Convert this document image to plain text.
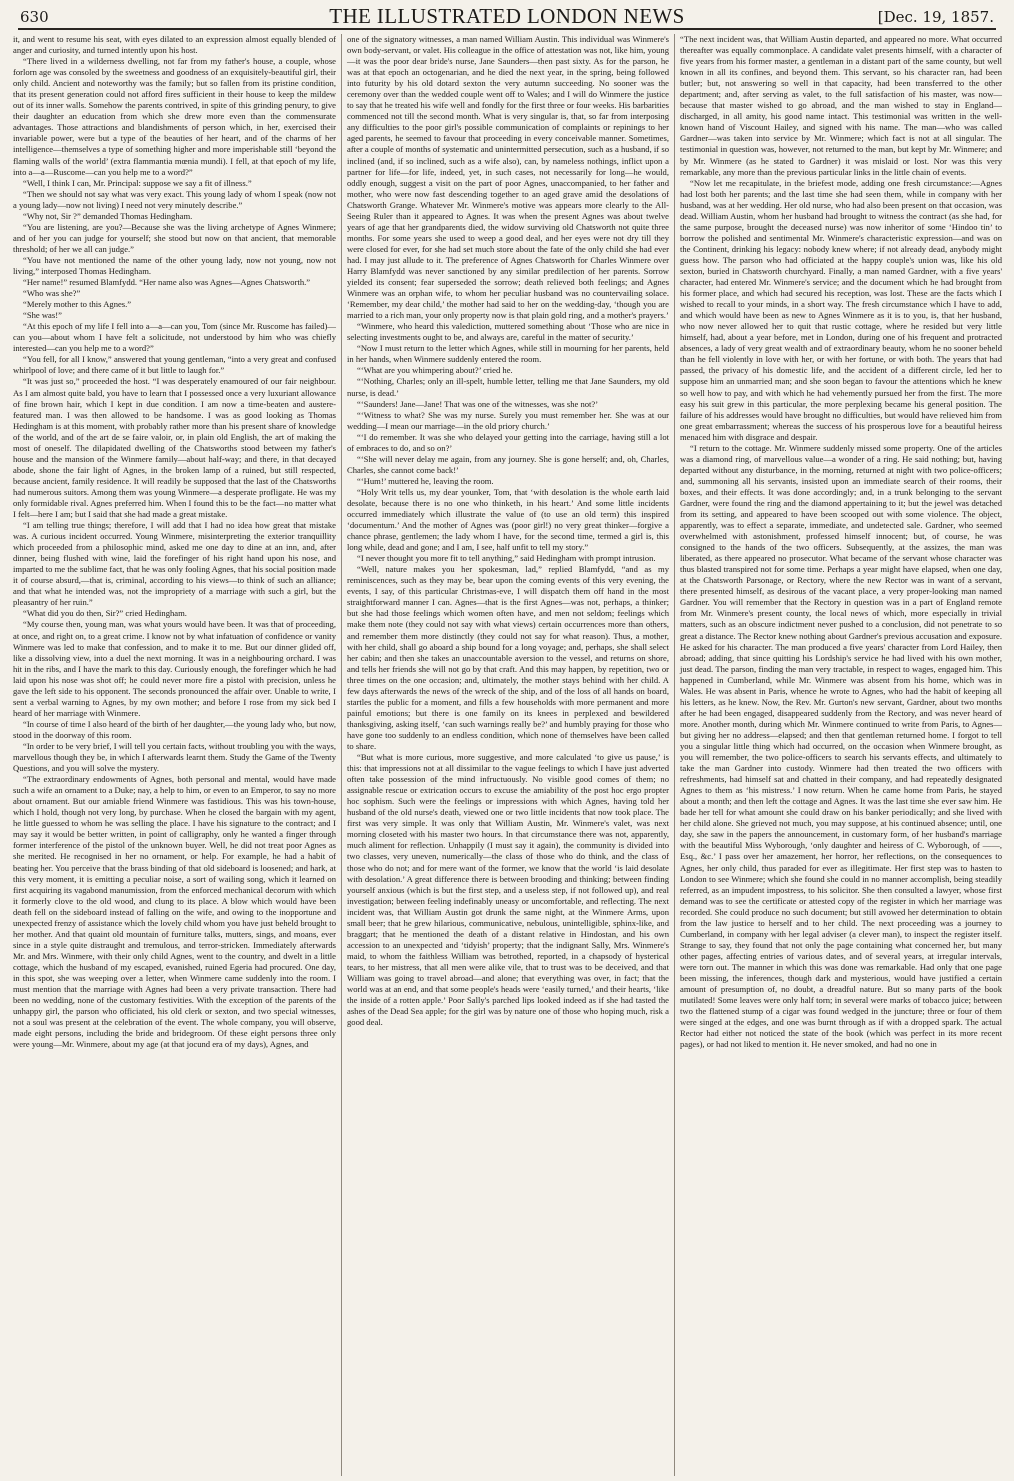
630	THE ILLUSTRATED LONDON NEWS	[Dec. 19, 1857.

it, and went to resume his seat, with eyes dilated to an expression almost equally blended of anger and curiosity, and turned intently upon his host.

“There lived in a wilderness dwelling, not far from my father's house, a couple, whose forlorn age was consoled by the sweetness and goodness of an exquisitely-beautiful girl, their only child. Ancient and noteworthy was the family; but so fallen from its pristine condition, that its present generation could not afford fires sufficient in their house to keep the mildew out of its inner walls. Somehow the parents contrived, in spite of this grinding penury, to give their daughter an education from which she drew more even than the commensurate advantages. Those attractions and blandishments of person which, in her, exercised their invariable power, were but a type of the beauties of her heart, and of the charms of her intelligence—themselves a type of something higher and more imperishable still ‘beyond the flaming walls of the world’ (extra flammantia mœnia mundi). I fell, at that epoch of my life, into a—a—Ruscome—can you help me to a word?”

“Well, I think I can, Mr. Principal: suppose we say a fit of illness.”

“Then we should not say what was very exact. This young lady of whom I speak (now not a young lady—now not living) I need not very minutely describe.”

“Why not, Sir ?” demanded Thomas Hedingham.

“You are listening, are you?—Because she was the living archetype of Agnes Winmere; and of her you can judge for yourself; she stood but now on that ancient, that memorable threshold; of her we all can judge.”

“You have not mentioned the name of the other young lady, now not young, now not living,” interposed Thomas Hedingham.

“Her name!” resumed Blamfydd. “Her name also was Agnes—Agnes Chatsworth.”

“Who was she?”

“Merely mother to this Agnes.”

“She was!”

“At this epoch of my life I fell into a—a—can you, Tom (since Mr. Ruscome has failed)—can you—about whom I have felt a solicitude, not understood by him who was chiefly interested—can you help me to a word?”

“You fell, for all I know,” answered that young gentleman, “into a very great and confused whirlpool of love; and there came of it but little to laugh for.”

“It was just so,” proceeded the host. “I was desperately enamoured of our fair neighbour. As I am almost quite bald, you have to learn that I possessed once a very luxuriant allowance of fine brown hair, which I kept in due condition. I am now a time-beaten and austere-featured man. I was then allowed to be handsome. I was as good looking as Thomas Hedingham is at this moment, with probably rather more than his present share of knowledge of the world, and of the art de se faire valoir, or, in plain old English, the art of making the most of oneself. The dilapidated dwelling of the Chatsworths stood between my father's house and the mansion of the Winmere family—about half-way; and there, in that decayed abode, shone the fair light of Agnes, in the broken lamp of a ruined, but still respected, because ancient, family residence. It will readily be supposed that the last of the Chatsworths had numerous suitors. Among them was young Winmere—a desperate profligate. He was my only formidable rival. Agnes preferred him. When I found this to be the fact—no matter what I felt—here I am; but I said that she had made a great mistake.

“I am telling true things; therefore, I will add that I had no idea how great that mistake was. A curious incident occurred. Young Winmere, misinterpreting the exterior tranquillity which proceeded from a philosophic mind, asked me one day to dine at an inn, and, after dinner, being flushed with wine, laid the forefinger of his right hand upon his nose, and imparted to me the sublime fact, that he was only fooling Agnes, that his social position made it of course absurd,—that is, criminal, according to his views—to think of such an alliance; and that what he intended was, not the impropriety of a marriage with such a girl, but the pleasantry of her ruin.”

“What did you do then, Sir?” cried Hedingham.

“My course then, young man, was what yours would have been. It was that of proceeding, at once, and right on, to a great crime. I know not by what infatuation of confidence or vanity Winmere was led to make that confession, and to make it to me. But our dinner glided off, like a dissolving view, into a duel the next morning. It was in a neighbouring orchard. I was hit in the ribs, and I have the mark to this day. Curiously enough, the forefinger which he had laid upon his nose was shot off; he could never more fire a pistol with precision, unless he gave the left side to his opponent. The seconds pronounced the affair over. Unable to write, I sent a verbal warning to Agnes, by my own mother; and before I rose from my sick bed I heard of her marriage with Winmere.

“In course of time I also heard of the birth of her daughter,—the young lady who, but now, stood in the doorway of this room.

“In order to be very brief, I will tell you certain facts, without troubling you with the ways, marvellous though they be, in which I afterwards learnt them. Study the Game of the Twenty Questions, and you will solve the mystery.

“The extraordinary endowments of Agnes, both personal and mental, would have made such a wife an ornament to a Duke; nay, a help to him, or even to an Emperor, to say no more about ornament. But our amiable friend Winmere was fastidious. This was his town-house, which I hold, though not very long, by purchase. When he closed the bargain with my agent, he little guessed to whom he was selling the place. I have his signature to the contract; and I may say it would be better written, in point of calligraphy, only he wanted a finger through former interference of the pistol of the unknown buyer. Well, he did not treat poor Agnes as she merited. He recognised in her no ornament, or help. For example, he had a habit of beating her. You perceive that the brass binding of that old sideboard is loosened; and hark, at this very moment, it is emitting a peculiar noise, a sort of wailing song, which it learned on first acquiring its vagabond manumission, from the enforced mechanical decorum with which it formerly clove to the old wood, and clung to its place. A blow which would have been death fell on the sideboard instead of falling on the wife, and owing to the inopportune and unexpected frenzy of assistance which the lovely child whom you have just beheld brought to her mother. And that quaint old mountain of furniture talks, mutters, sings, and moans, ever since in a style quite distraught and tremulous, and terror-stricken. Immediately afterwards Mr. and Mrs. Winmere, with their only child Agnes, went to the country, and dwelt in a little cottage, which the husband of my escaped, evanished, ruined Egeria had procured. One day, in this spot, she was weeping over a letter, when Winmere came suddenly into the room. I must mention that the marriage with Agnes had been a very private transaction. There had been no wedding, none of the customary festivities. With the exception of the parents of the unhappy girl, the parson who officiated, his old clerk or sexton, and two special witnesses, not a soul was present at the celebration of the event. The whole company, you will observe, made eight persons, including the bride and bridegroom. Of these eight persons three only were young—Mr. Winmere, about my age (at that jocund era of my days), Agnes, and

one of the signatory witnesses, a man named William Austin. This individual was Winmere's own body-servant, or valet. His colleague in the office of attestation was not, like him, young—it was the poor dear bride's nurse, Jane Saunders—then past sixty. As for the parson, he was at that epoch an octogenarian, and he died the next year, in the spring, being followed into futurity by his old dotard sexton the very autumn succeeding. No sooner was the ceremony over than the wedded couple went off to Wales; and I will do Winmere the justice to say that he treated his wife well and fondly for the first three or four weeks. His barbarities commenced not till the second month. What is very singular is, that, so far from interposing any difficulties to the poor girl's possible communication of complaints or repinings to her aged parents, he seemed to favour that proceeding in every conceivable manner. Sometimes, after a couple of months of systematic and unintermitted persecution, such as a husband, if so inclined (and, if so inclined, such as a wife also), can, by nameless nothings, inflict upon a partner for life—for life, indeed, yet, in such cases, not necessarily for long—he would, oddly enough, suggest a visit on the part of poor Agnes, unaccompanied, to her father and mother, who were now fast descending together to an aged grave amid the desolations of Chatsworth Grange. Whatever Mr. Winmere's motive was appears more clearly to the All-Seeing Ruler than it appeared to Agnes. It was when the present Agnes was about twelve years of age that her grandparents died, the widow surviving old Chatsworth not quite three months. For some years she used to weep a good deal, and her eyes were not dry till they were closed for ever, for she had set much store about the fate of the only child she had ever had. I may just allude to it. The preference of Agnes Chatsworth for Charles Winmere over Harry Blamfydd was never sanctioned by any similar predilection of her parents. Sorrow yielded its consent; fear superseded the sorrow; death relieved both feelings; and Agnes Winmere was an orphan wife, to whom her peculiar husband was no countervailing solace. ‘Remember, my dear child,’ the mother had said to her on the wedding-day, ‘though you are married to a rich man, your only property now is that plain gold ring, and a mother's prayers.’

“Winmere, who heard this valediction, muttered something about ‘Those who are nice in selecting investments ought to be, and always are, careful in the matter of security.’

“Now I must return to the letter which Agnes, while still in mourning for her parents, held in her hands, when Winmere suddenly entered the room.

“‘What are you whimpering about?’ cried he.

“‘Nothing, Charles; only an ill-spelt, humble letter, telling me that Jane Saunders, my old nurse, is dead.’

“‘Saunders! Jane—Jane! That was one of the witnesses, was she not?’

“‘Witness to what? She was my nurse. Surely you must remember her. She was at our wedding—I mean our marriage—in the old priory church.’

“‘I do remember. It was she who delayed your getting into the carriage, having still a lot of embraces to do, and so on?’

“‘She will never delay me again, from any journey. She is gone herself; and, oh, Charles, Charles, she cannot come back!’

“‘Hum!’ muttered he, leaving the room.

“Holy Writ tells us, my dear younker, Tom, that ‘with desolation is the whole earth laid desolate, because there is no one who thinketh, in his heart.’ And some little incidents occurred immediately which illustrate the value of (to use an old term) this inspired ‘documentum.’ And the mother of Agnes was (poor girl!) no very great thinker—forgive a chance phrase, gentlemen; the lady whom I have, for the second time, termed a girl is, this long while, dead and gone; and I am, I see, half unfit to tell my story.”

“I never thought you more fit to tell anything,” said Hedingham with prompt intrusion.

“Well, nature makes you her spokesman, lad,” replied Blamfydd, “and as my reminiscences, such as they may be, bear upon the coming events of this very evening, the events, I say, of this particular Christmas-eve, I will dispatch them off hand in the most straightforward manner I can. Agnes—that is the first Agnes—was not, perhaps, a thinker; but she had those feelings which women often have, and men not seldom; feelings which make them note (they could not say with what views) certain occurrences more than others, and remember them more distinctly (they could not say for what reason). Thus, a mother, with her child, shall go aboard a ship bound for a long voyage; and, perhaps, she shall select her cabin; and then she takes an unaccountable aversion to the vessel, and returns on shore, and tells her friends she will not go by that craft. And this may happen, by repetition, two or three times on the one occasion; and, ultimately, the mother stays behind with her child. A few days afterwards the news of the wreck of the ship, and of the loss of all hands on board, startles the public for a moment, and fills a few households with more permanent and more painful emotions; but there is one family on its knees in perplexed and bewildered thanksgiving, asking itself, ‘can such warnings really be?’ and humbly praying for those who have gone too suddenly to an endless condition, which none of themselves have been called to share.

“But what is more curious, more suggestive, and more calculated ‘to give us pause,’ is this: that impressions not at all dissimilar to the vague feelings to which I have just adverted often take possession of the mind infructuously. No visible good comes of them; no assignable rescue or extrication occurs to excuse the amiability of the post hoc ergo propter hoc sophism. Such were the feelings or impressions with which Agnes, having told her husband of the old nurse's death, viewed one or two little incidents that now took place. The first was very simple. It was only that William Austin, Mr. Winmere's valet, was next morning closeted with his master two hours. In that circumstance there was not, apparently, much aliment for reflection. Unhappily (I must say it again), the community is divided into two classes, very uneven, numerically—the class of those who do think, and the class of those who do not; and for mere want of the former, we know that the world ‘is laid desolate with desolation.’ A great difference there is between brooding and thinking; between finding yourself anxious (which is but the first step, and a useless step, if not followed up), and real investigation; between feeling indefinably uneasy or uncomfortable, and reflecting. The next incident was, that William Austin got drunk the same night, at the Winmere Arms, upon small beer; that he grew hilarious, communicative, nebulous, unintelligible, sphinx-like, and braggart; that he mentioned the death of a distant relative in Hindostan, and his own accession to an unexpected and ‘tidyish’ property; that the indignant Sally, Mrs. Winmere's maid, to whom the faithless William was betrothed, reported, in a chapsody of hysterical tears, to her mistress, that all men were alike vile, that to trust was to be deceived, and that William was going to travel abroad—and alone; that everything was over, in fact; that the world was at an end, and that some people's heads were ‘easily turned,’ and their hearts, ‘like the inside of a rotten apple.’ Poor Sally's parched lips looked indeed as if she had tasted the ashes of the Dead Sea apple; for the girl was by nature one of those who hoping much, risk a good deal.

“The next incident was, that William Austin departed, and appeared no more. What occurred thereafter was equally commonplace. A candidate valet presents himself, with a character of five years from his former master, a gentleman in a distant part of the same county, but well known in all its confines, and beyond them. This servant, so his character ran, had been butler; but, not answering so well in that capacity, had been transferred to the other department; and, after serving as valet, to the full satisfaction of his master, was now—because that master wished to go abroad, and the man wished to stay in England—discharged, in all amity, his good name intact. This testimonial was written in the well-known hand of Viscount Hailey, and signed with his name. The man—who was called Gardner—was taken into service by Mr. Winmere; which fact is not at all singular. The testimonial in question was, however, not returned to the man, but kept by Mr. Winmere; and by Mr. Winmere (as he stated to Gardner) it was mislaid or lost. Nor was this very remarkable, any more than the previous particular links in the little chain of events.

“Now let me recapitulate, in the briefest mode, adding one fresh circumstance:—Agnes had lost both her parents; and the last time she had seen them, while in company with her husband, was at her wedding. Her old nurse, who had also been present on that occasion, was dead. William Austin, whom her husband had brought to witness the contract (as she had, for the same purpose, brought the deceased nurse) was now inheritor of some ‘Hindoo tin’ to borrow the polished and sentimental Mr. Winmere's characteristic expression—and was on the Continent, drinking his legacy: nobody knew where; if not already dead, anybody might guess how. The parson who had officiated at the happy couple's union was, like his old sexton, buried in Chatsworth churchyard. Finally, a man named Gardner, with a five years' character, had entered Mr. Winmere's service; and the document which he had brought from his former place, and which had secured his reception, was lost. These are the facts which I wished to recall to your minds, in a short way. The fresh circumstance which I have to add, and which would have been as new to Agnes Winmere as it is to you, is, that her husband, who now never allowed her to quit that rustic cottage, where he resided but very little himself, had, about a year before, met in London, during one of his frequent and protracted absences, a lady of very great wealth and of extraordinary beauty, whom he no sooner beheld than he fell violently in love with her, or with her fortune, or with both. The years that had passed, the privacy of his domestic life, and the accident of a different circle, led her to suppose him an unmarried man; and she soon began to favour the attentions which he knew so well how to pay, and with which he had vehemently pursued her from the first. The more easy his suit grew in this particular, the more perplexing became his general position. The failure of his addresses would have brought no difficulties, but would have relieved him from one great embarrassment; whereas the success of his prosperous love for a beautiful heiress menaced him with disgrace and despair.

“I return to the cottage. Mr. Winmere suddenly missed some property. One of the articles was a diamond ring, of marvellous value—a wonder of a ring. He said nothing; but, having departed without any disturbance, in the morning, returned at night with two police-officers; and, summoning all his servants, insisted upon an immediate search of their rooms, their boxes, and their effects. It was done accordingly; and, in a trunk belonging to the servant Gardner, were found the ring and the diamond appertaining to it; but the jewel was detached from its setting, and appeared to have been scooped out with some violence. The object, apparently, was to effect a separate, immediate, and undetected sale. Gardner, who seemed overwhelmed with astonishment, professed himself innocent; but, of course, he was consigned to the hands of the two officers. Subsequently, at the assizes, the man was liberated, as there appeared no prosecutor. What became of the servant whose character was thus blasted transpired not for some time. Perhaps a year might have elapsed, when one day, at the Chatsworth Parsonage, or Rectory, where the new Rector was in want of a servant, there presented himself, as desirous of the vacant place, a very proper-looking man named Gardner. You will remember that the Rectory in question was in a part of England remote from Mr. Winmere's present county, the local news of which, more especially in trivial matters, such as an obscure indictment never pushed to a conclusion, did not penetrate to so great a distance. The Rector knew nothing about Gardner's previous accusation and exposure. He asked for his character. The man produced a five years' character from Lord Hailey, then abroad; adding, that since quitting his Lordship's service he had lived with his own mother, just dead. The parson, finding the man very tractable, in respect to wages, engaged him. This happened in Cumberland, while Mr. Winmere was absent from his home, which was in Wales. He was absent in Paris, whence he wrote to Agnes, who had the habit of keeping all his letters, as he knew. Now, the Rev. Mr. Gurton's new servant, Gardner, about two months after he had been engaged, disappeared suddenly from the Rectory, and was never heard of more. Another month, during which Mr. Winmere continued to write from Paris, to Agnes—but giving her no address—elapsed; and then that gentleman returned home. I forgot to tell you a singular little thing which had occurred, on the occasion when Winmere brought, as you will remember, the two police-officers to search his servants effects, and ultimately to take the man Gardner into custody. Winmere had then treated the two officers with refreshments, had himself sat and chatted in their company, and had repeatedly designated Agnes to them as ‘his mistress.’ I now return. When he came home from Paris, he stayed about a month; and then left the cottage and Agnes. It was the last time she ever saw him. He bade her tell for what amount she could draw on his banker periodically; and she lived with her child alone. She grieved not much, you may suppose, at his continued absence; until, one day, she saw in the papers the announcement, in customary form, of her husband's marriage with the beautiful Miss Wyborough, ‘only daughter and heiress of C. Wyborough, of ——, Esq., &c.’ I pass over her amazement, her horror, her reflections, on the consequences to Agnes, her only child, thus paraded for ever as illegitimate. Her first step was to hasten to London to see Winmere; which she found she could in no manner accomplish, being steadily referred, as an impudent impostress, to his solicitor. She then consulted a lawyer, whose first demand was to see the certificate or attested copy of the register in which her marriage was recorded. She could produce no such document; but still avowed her determination to obtain from the law justice to herself and to her child. The next proceeding was a journey to Cumberland, in company with her legal adviser (a clever man), to inspect the register itself. Strange to say, they found that not only the page containing what concerned her, but many other pages, affecting entries of various dates, and of several years, at irregular intervals, were torn out. The manner in which this was done was remarkable. Had only that one page been missing, the inferences, though dark and mysterious, would have justified a certain amount of presumption of, no doubt, a dreadful nature. But so many parts of the book mutilated! Some leaves were only half torn; in several were marks of tobacco juice; between two the flattened stump of a cigar was found wedged in the juncture; three or four of them were singed at the edges, and one was burnt through as if with a dropped spark. The actual Rector had either not noticed the state of the book (which was perfect in its more recent pages), or had not liked to mention it. He never smoked, and had no one in
